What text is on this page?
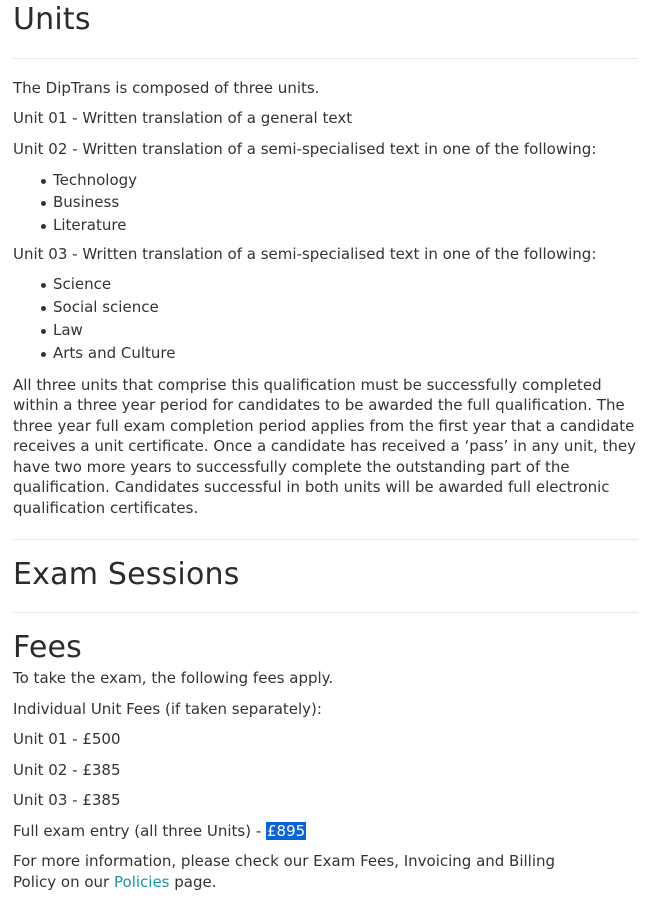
Units

The DipTrans is composed of three units.

Unit 01 - Written translation of a general text

Unit 02 - Written translation of a semi-specialised text in one of the following:

Technology
Business
Literature

Unit 03 - Written translation of a semi-specialised text in one of the following:

Science
Social science
Law
Arts and Culture

All three units that comprise this qualification must be successfully completed within a three year period for candidates to be awarded the full qualification. The three year full exam completion period applies from the first year that a candidate receives a unit certificate. Once a candidate has received a ‘pass’ in any unit, they have two more years to successfully complete the outstanding part of the qualification. Candidates successful in both units will be awarded full electronic qualification certificates.

Exam Sessions
Fees

To take the exam, the following fees apply.

Individual Unit Fees (if taken separately):

Unit 01 - £500

Unit 02 - £385

Unit 03 - £385

Full exam entry (all three Units) - £895

For more information, please check our Exam Fees, Invoicing and Billing Policy on our Policies page.
